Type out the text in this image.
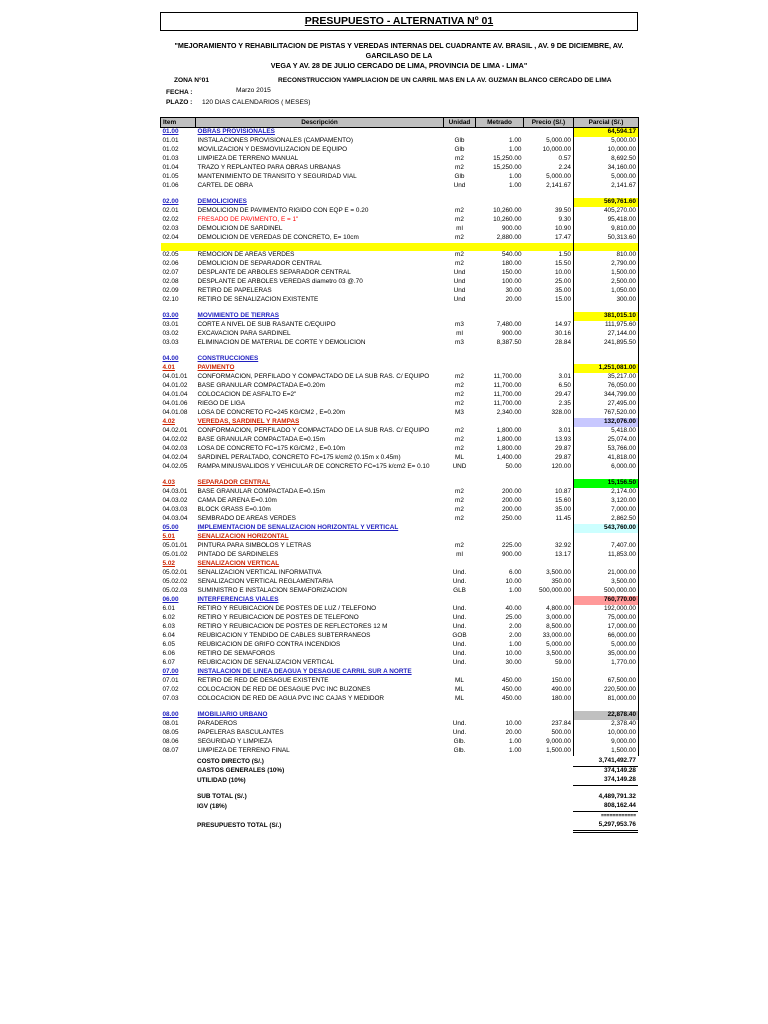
PRESUPUESTO - ALTERNATIVA Nº 01
"MEJORAMIENTO Y REHABILITACION DE PISTAS Y VEREDAS INTERNAS DEL CUADRANTE AV. BRASIL , AV. 9 DE DICIEMBRE, AV. GARCILASO DE LA
VEGA Y AV. 28 DE JULIO CERCADO DE LIMA, PROVINCIA DE LIMA - LIMA"
ZONA N°01	RECONSTRUCCION YAMPLIACION DE UN CARRIL MAS EN LA AV. GUZMAN BLANCO CERCADO DE LIMA
FECHA :	Marzo 2015
PLAZO : 120 DIAS CALENDARIOS ( MESES)
Item	Descripción	Unidad	Metrado	Precio (S/.)	Parcial (S/.)
01.00	OBRAS PROVISIONALES				64,594.17
01.01	INSTALACIONES PROVISIONALES (CAMPAMENTO)	Glb	1.00	5,000.00	5,000.00
01.02	MOVILIZACION Y DESMOVILIZACION DE EQUIPO	Glb	1.00	10,000.00	10,000.00
01.03	LIMPIEZA DE TERRENO MANUAL	m2	15,250.00	0.57	8,692.50
01.04	TRAZO Y REPLANTEO PARA OBRAS URBANAS	m2	15,250.00	2.24	34,160.00
01.05	MANTENIMIENTO DE TRANSITO Y SEGURIDAD VIAL	Glb	1.00	5,000.00	5,000.00
01.06	CARTEL DE OBRA	Und	1.00	2,141.67	2,141.67

02.00	DEMOLICIONES				569,761.60
02.01	DEMOLICION DE PAVIMENTO RIGIDO CON EQP E = 0.20	m2	10,260.00	39.50	405,270.00
02.02	FRESADO DE PAVIMENTO, E = 1"	m2	10,260.00	9.30	95,418.00
02.03	DEMOLICION DE SARDINEL	ml	900.00	10.90	9,810.00
02.04	DEMOLICION DE VEREDAS DE CONCRETO, E= 10cm	m2	2,880.00	17.47	50,313.60

02.05	REMOCION DE AREAS VERDES	m2	540.00	1.50	810.00
02.06	DEMOLICION DE SEPARADOR CENTRAL	m2	180.00	15.50	2,790.00
02.07	DESPLANTE DE ARBOLES SEPARADOR CENTRAL	Und	150.00	10.00	1,500.00
02.08	DESPLANTE DE ARBOLES VEREDAS diametro 03 @.70	Und	100.00	25.00	2,500.00
02.09	RETIRO DE PAPELERAS	Und	30.00	35.00	1,050.00
02.10	RETIRO DE SEÑALIZACION EXISTENTE	Und	20.00	15.00	300.00

03.00	MOVIMIENTO DE TIERRAS				381,015.10
03.01	CORTE A NIVEL DE SUB RASANTE C/EQUIPO	m3	7,480.00	14.97	111,975.60
03.02	EXCAVACION PARA SARDINEL	ml	900.00	30.16	27,144.00
03.03	ELIMINACION DE MATERIAL DE CORTE Y DEMOLICION	m3	8,387.50	28.84	241,895.50

04.00	CONSTRUCCIONES				
4.01	PAVIMENTO				1,251,081.00
04.01.01	CONFORMACION, PERFILADO Y COMPACTADO DE LA SUB RAS. C/ EQUIPO	m2	11,700.00	3.01	35,217.00
04.01.02	BASE GRANULAR COMPACTADA E=0.20m	m2	11,700.00	6.50	76,050.00
04.01.04	COLOCACION DE ASFALTO E=2"	m2	11,700.00	29.47	344,799.00
04.01.06	RIEGO DE LIGA	m2	11,700.00	2.35	27,495.00
04.01.08	LOSA DE CONCRETO FC=245 KG/CM2 , E=0.20m	M3	2,340.00	328.00	767,520.00
4.02	VEREDAS, SARDINEL Y RAMPAS				132,076.00
04.02.01	CONFORMACION, PERFILADO Y COMPACTADO DE LA SUB RAS. C/ EQUIPO	m2	1,800.00	3.01	5,418.00
04.02.02	BASE GRANULAR COMPACTADA E=0.15m	m2	1,800.00	13.93	25,074.00
04.02.03	LOSA DE CONCRETO FC=175 KG/CM2 , E=0.10m	m2	1,800.00	29.87	53,766.00
04.02.04	SARDINEL PERALTADO, CONCRETO FC=175 k/cm2 (0.15m x 0.45m)	ML	1,400.00	29.87	41,818.00
04.02.05	RAMPA MINUSVALIDOS Y VEHICULAR DE CONCRETO FC=175 k/cm2 E= 0.10	UND	50.00	120.00	6,000.00

4.03	SEPARADOR CENTRAL				15,156.50
04.03.01	BASE GRANULAR COMPACTADA E=0.15m	m2	200.00	10.87	2,174.00
04.03.02	CAMA DE ARENA E=0.10m	m2	200.00	15.60	3,120.00
04.03.03	BLOCK GRASS E=0.10m	m2	200.00	35.00	7,000.00
04.03.04	SEMBRADO DE AREAS VERDES	m2	250.00	11.45	2,862.50
05.00	IMPLEMENTACION DE SEÑALIZACION HORIZONTAL Y VERTICAL				543,760.00
5.01	SEÑALIZACION HORIZONTAL				
05.01.01	PINTURA PARA SIMBOLOS Y LETRAS	m2	225.00	32.92	7,407.00
05.01.02	PINTADO DE SARDINELES	ml	900.00	13.17	11,853.00
5.02	SEÑALIZACION VERTICAL				
05.02.01	SEÑALIZACION VERTICAL INFORMATIVA	Und.	6.00	3,500.00	21,000.00
05.02.02	SEÑALIZACION VERTICAL REGLAMENTARIA	Und.	10.00	350.00	3,500.00
05.02.03	SUMINISTRO E INSTALACION SEMAFORIZACION	GLB	1.00	500,000.00	500,000.00
06.00	INTERFERENCIAS VIALES				760,770.00
6.01	RETIRO Y REUBICACION DE POSTES DE LUZ / TELEFONO	Und.	40.00	4,800.00	192,000.00
6.02	RETIRO Y REUBICACION DE POSTES DE TELEFONO	Und.	25.00	3,000.00	75,000.00
6.03	RETIRO Y REUBICACION DE POSTES DE REFLECTORES 12 M	Und.	2.00	8,500.00	17,000.00
6.04	REUBICACION Y TENDIDO DE CABLES SUBTERRANEOS	GOB	2.00	33,000.00	66,000.00
6.05	REUBICACION DE GRIFO CONTRA INCENDIOS	Und.	1.00	5,000.00	5,000.00
6.06	RETIRO DE SEMAFOROS	Und.	10.00	3,500.00	35,000.00
6.07	REUBICACION DE SEÑALIZACION VERTICAL	Und.	30.00	59.00	1,770.00
07.00	INSTALACION DE LINEA DEAGUA Y DESAGUE CARRIL SUR A NORTE				
07.01	RETIRO DE RED DE DESAGUE EXISTENTE	ML	450.00	150.00	67,500.00
07.02	COLOCACION DE RED DE DESAGUE PVC INC BUZONES	ML	450.00	490.00	220,500.00
07.03	COLOCACION DE RED DE AGUA PVC INC CAJAS Y MEDIDOR	ML	450.00	180.00	81,000.00

08.00	IMOBILIARIO URBANO				22,878.40
08.01	PARADEROS	Und.	10.00	237.84	2,378.40
08.05	PAPELERAS BASCULANTES	Und.	20.00	500.00	10,000.00
08.06	SEGURIDAD Y LIMPIEZA	Glb.	1.00	9,000.00	9,000.00
08.07	LIMPIEZA DE TERRENO FINAL	Glb.	1.00	1,500.00	1,500.00
	COSTO DIRECTO (S/.)				3,741,492.77
	GASTOS GENERALES (10%)				374,149.28
	UTILIDAD (10%)				374,149.28

	SUB TOTAL (S/.)				4,489,791.32
	IGV (18%)				808,162.44
					============
	PRESUPUESTO TOTAL (S/.)				5,297,953.76
